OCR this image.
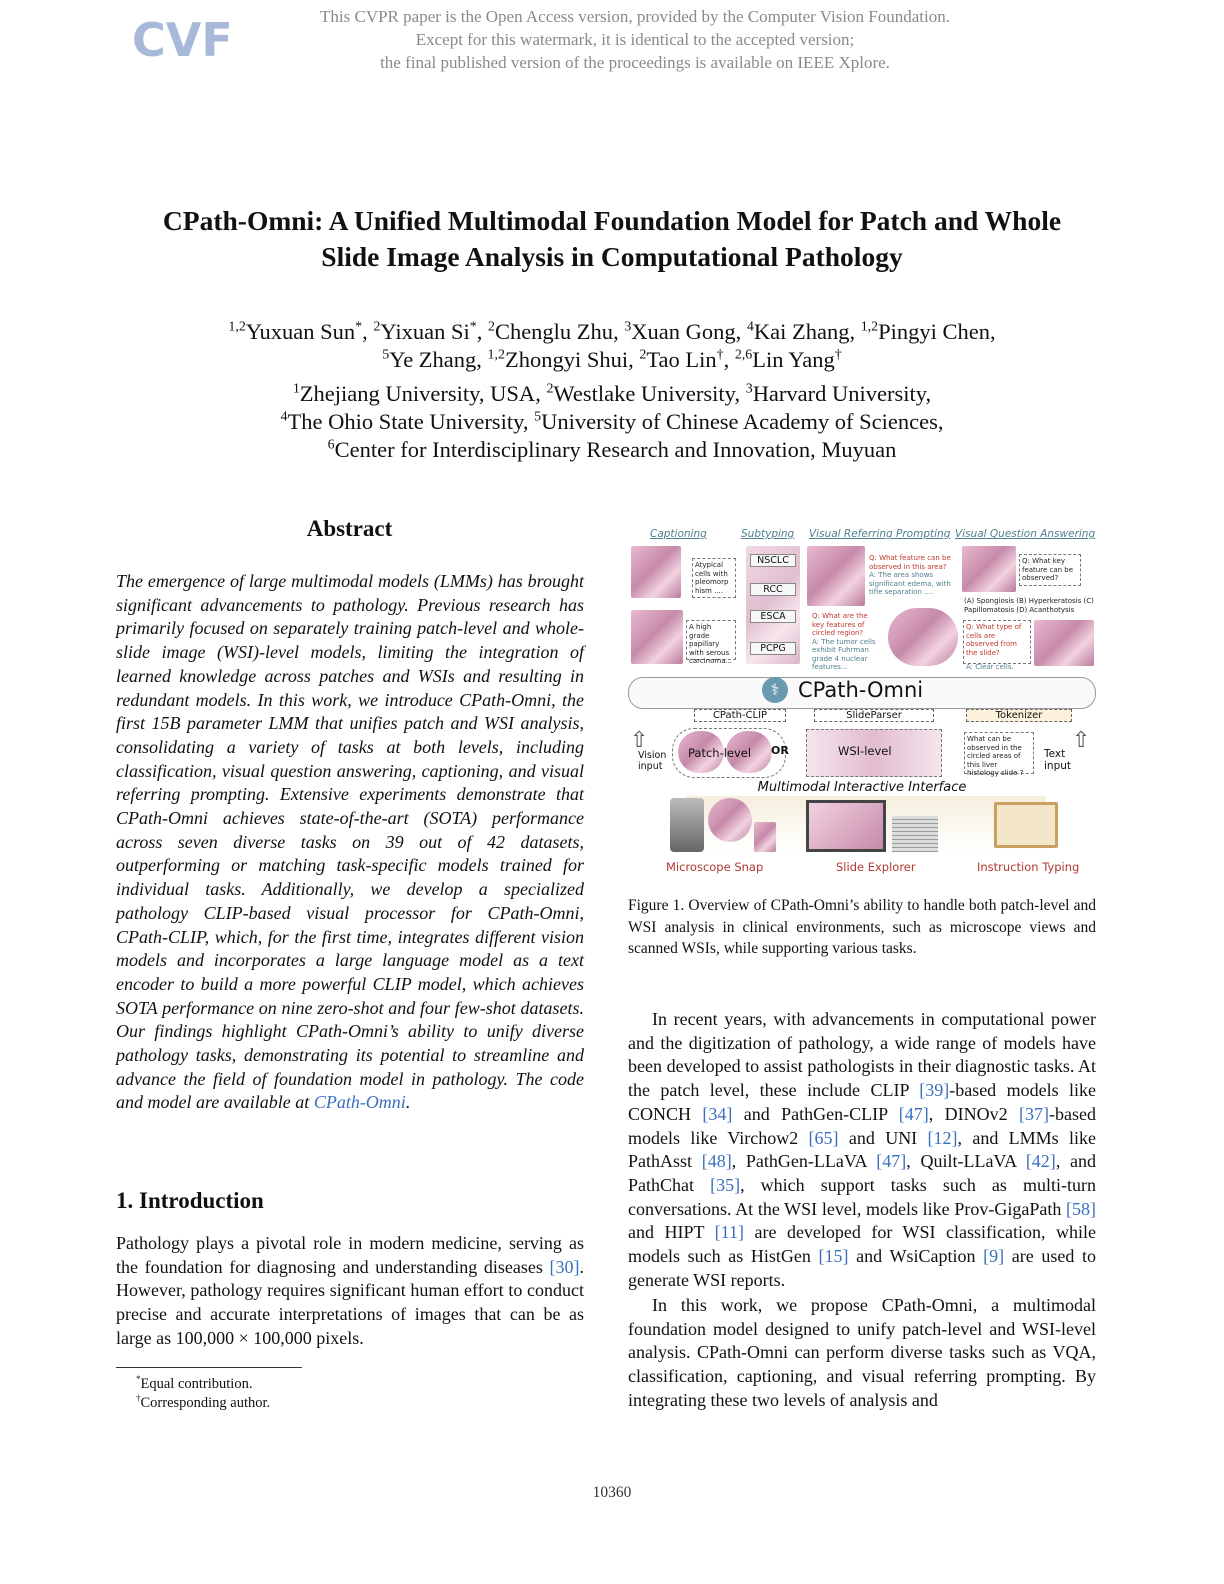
CVF	This CVPR paper is the Open Access version, provided by the Computer Vision Foundation.
Except for this watermark, it is identical to the accepted version;
the final published version of the proceedings is available on IEEE Xplore.
CPath-Omni: A Unified Multimodal Foundation Model for Patch and Whole
Slide Image Analysis in Computational Pathology
$^{1,2}$Yuxuan Sun*, $^2$Yixuan Si*, $^2$Chenglu Zhu, $^3$Xuan Gong, $^4$Kai Zhang, $^{1,2}$Pingyi Chen,
$^5$Ye Zhang, $^{1,2}$Zhongyi Shui, $^2$Tao Lin†, $^{2,6}$Lin Yang†
$^1$Zhejiang University, USA, $^2$Westlake University, $^3$Harvard University,
$^4$The Ohio State University, $^5$University of Chinese Academy of Sciences,
$^6$Center for Interdisciplinary Research and Innovation, Muyuan
Abstract
The emergence of large multimodal models (LMMs) has brought significant advancements to pathology. Previous research has primarily focused on separately training patch-level and whole-slide image (WSI)-level models, limiting the integration of learned knowledge across patches and WSIs and resulting in redundant models. In this work, we introduce CPath-Omni, the first 15B parameter LMM that unifies patch and WSI analysis, consolidating a variety of tasks at both levels, including classification, visual question answering, captioning, and visual referring prompting. Extensive experiments demonstrate that CPath-Omni achieves state-of-the-art (SOTA) performance across seven diverse tasks on 39 out of 42 datasets, outperforming or matching task-specific models trained for individual tasks. Additionally, we develop a specialized pathology CLIP-based visual processor for CPath-Omni, CPath-CLIP, which, for the first time, integrates different vision models and incorporates a large language model as a text encoder to build a more powerful CLIP model, which achieves SOTA performance on nine zero-shot and four few-shot datasets. Our findings highlight CPath-Omni’s ability to unify diverse pathology tasks, demonstrating its potential to streamline and advance the field of foundation model in pathology. The code and model are available at CPath-Omni.
1. Introduction
Pathology plays a pivotal role in modern medicine, serving as the foundation for diagnosing and understanding diseases [30]. However, pathology requires significant human effort to conduct precise and accurate interpretations of images that can be as large as 100,000 × 100,000 pixels.
*Equal contribution.
†Corresponding author.
Captioning	Subtyping Visual Referring Prompting Visual Question Answering
Atypical cells with pleomorp hism ....
A high grade papillary with serous carcinoma...
NSCLC
RCC
ESCA
PCPG
Q: What feature can be observed in this area?
A: The area shows significant edema, with tifie separation ....
Q: What are the key features of circled region?
A: The tumor cells exhibit Fuhrman grade 4 nuclear features...
Q: What key feature can be observed?
(A) Spongiosis (B) Hyperkeratosis (C) Papillomatosis (D) Acanthotysis
Q: What type of cells are observed from the slide?
A: Clear cells.
⚕ CPath-Omni
CPath-CLIP	SlideParser	Tokenizer
⇧
Vision input
Patch-level OR	WSI-level
What can be observed in the circled areas of this liver histology slide ?
Text input
⇧
Multimodal Interactive Interface
Microscope Snap	Slide Explorer	Instruction Typing
Figure 1. Overview of CPath-Omni’s ability to handle both patch-level and WSI analysis in clinical environments, such as microscope views and scanned WSIs, while supporting various tasks.
In recent years, with advancements in computational power and the digitization of pathology, a wide range of models have been developed to assist pathologists in their diagnostic tasks. At the patch level, these include CLIP [39]-based models like CONCH [34] and PathGen-CLIP [47], DINOv2 [37]-based models like Virchow2 [65] and UNI [12], and LMMs like PathAsst [48], PathGen-LLaVA [47], Quilt-LLaVA [42], and PathChat [35], which support tasks such as multi-turn conversations. At the WSI level, models like Prov-GigaPath [58] and HIPT [11] are developed for WSI classification, while models such as HistGen [15] and WsiCaption [9] are used to generate WSI reports.
In this work, we propose CPath-Omni, a multimodal foundation model designed to unify patch-level and WSI-level analysis. CPath-Omni can perform diverse tasks such as VQA, classification, captioning, and visual referring prompting. By integrating these two levels of analysis and
10360
